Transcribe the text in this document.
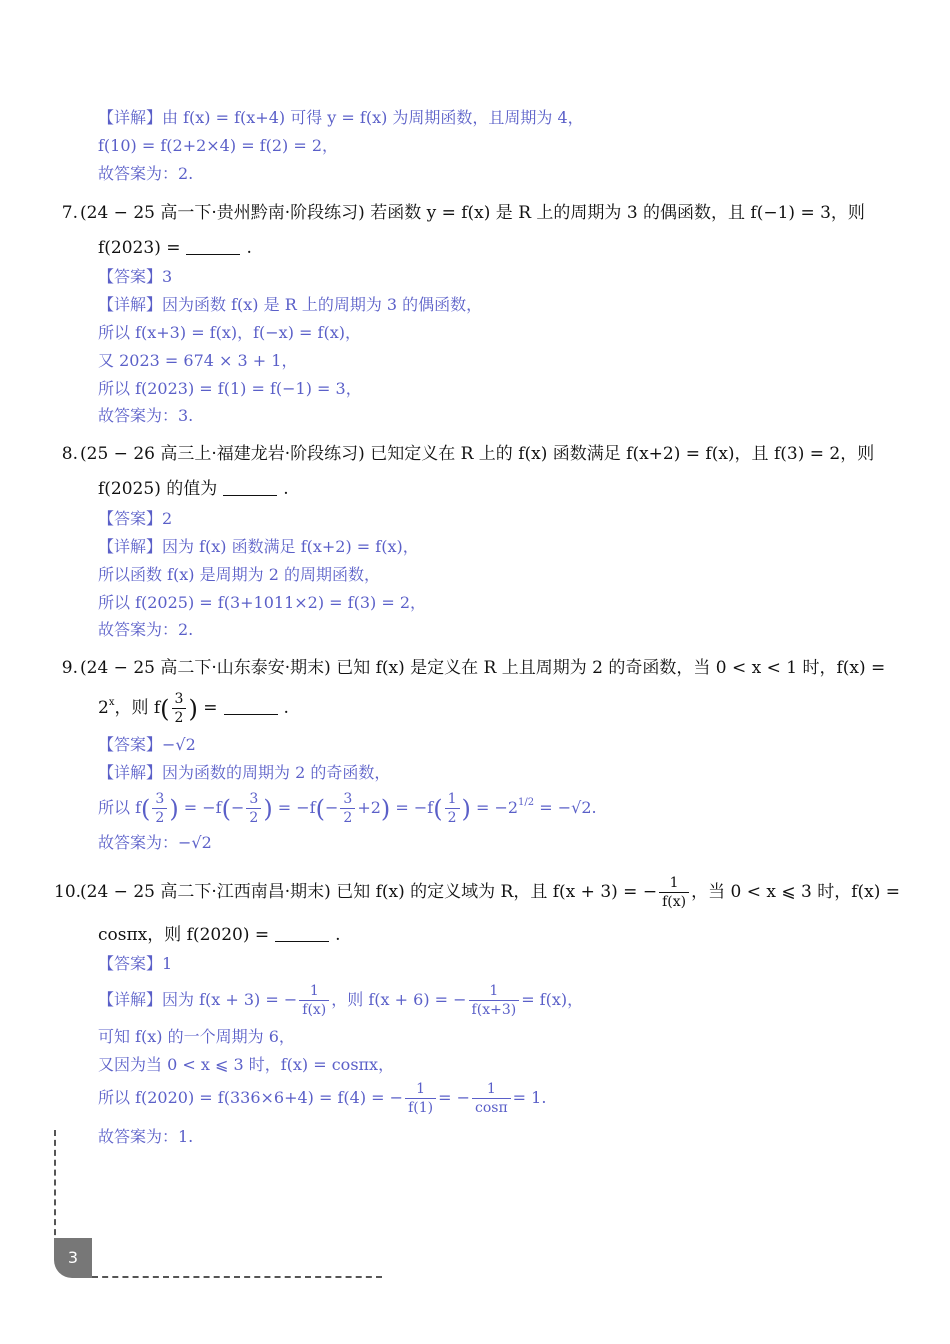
【详解】由 f(x) = f(x+4) 可得 y = f(x) 为周期函数，且周期为 4，
f(10) = f(2+2×4) = f(2) = 2，
故答案为：2.
7. (24 − 25 高一下·贵州黔南·阶段练习) 若函数 y = f(x) 是 R 上的周期为 3 的偶函数，且 f(−1) = 3，则
f(2023) =	.
【答案】3
【详解】因为函数 f(x) 是 R 上的周期为 3 的偶函数，
所以 f(x+3) = f(x)，f(−x) = f(x)，
又 2023 = 674 × 3 + 1，
所以 f(2023) = f(1) = f(−1) = 3，
故答案为：3.
8. (25 − 26 高三上·福建龙岩·阶段练习) 已知定义在 R 上的 f(x) 函数满足 f(x+2) = f(x)，且 f(3) = 2，则
f(2025) 的值为	.
【答案】2
【详解】因为 f(x) 函数满足 f(x+2) = f(x)，
所以函数 f(x) 是周期为 2 的周期函数，
所以 f(2025) = f(3+1011×2) = f(3) = 2，
故答案为：2.
9. (24 − 25 高二下·山东泰安·期末) 已知 f(x) 是定义在 R 上且周期为 2 的奇函数，当 0 < x < 1 时，f(x) =
$2^x$，则 $f( \frac{3}{2}$ ) =	.
【答案】−√2
【详解】因为函数的周期为 2 的奇函数，
所以 $f( \frac{3}{2}$ ) = $-f(- \frac{3}{2}$ ) = $-f(- \frac{3}{2} +2) = -f( \frac{1}{2}$ ) = $-2^{1/2} = -√2$.
故答案为：−√2
10.(24 − 25 高二下·江西南昌·期末) 已知 f(x) 的定义域为 R，且 f(x + 3) = − $\frac{1}{f(x)}$ ，当 0 < x ⩽ 3 时，f(x) =
cosπx，则 f(2020) =	.
【答案】1
【详解】因为 f(x + 3) = − $\frac{1}{f(x)}$ ，则 f(x + 6) = − $\frac{1}{f(x+3)} = f(x)$，
可知 f(x) 的一个周期为 6，
又因为当 0 < x ⩽ 3 时，f(x) = cosπx，
所以 f(2020) = f(336×6+4) = f(4) = − $\frac{1}{f(1)}$ = − $\frac{1}{\cos\pi} = 1$.
故答案为：1.
3
